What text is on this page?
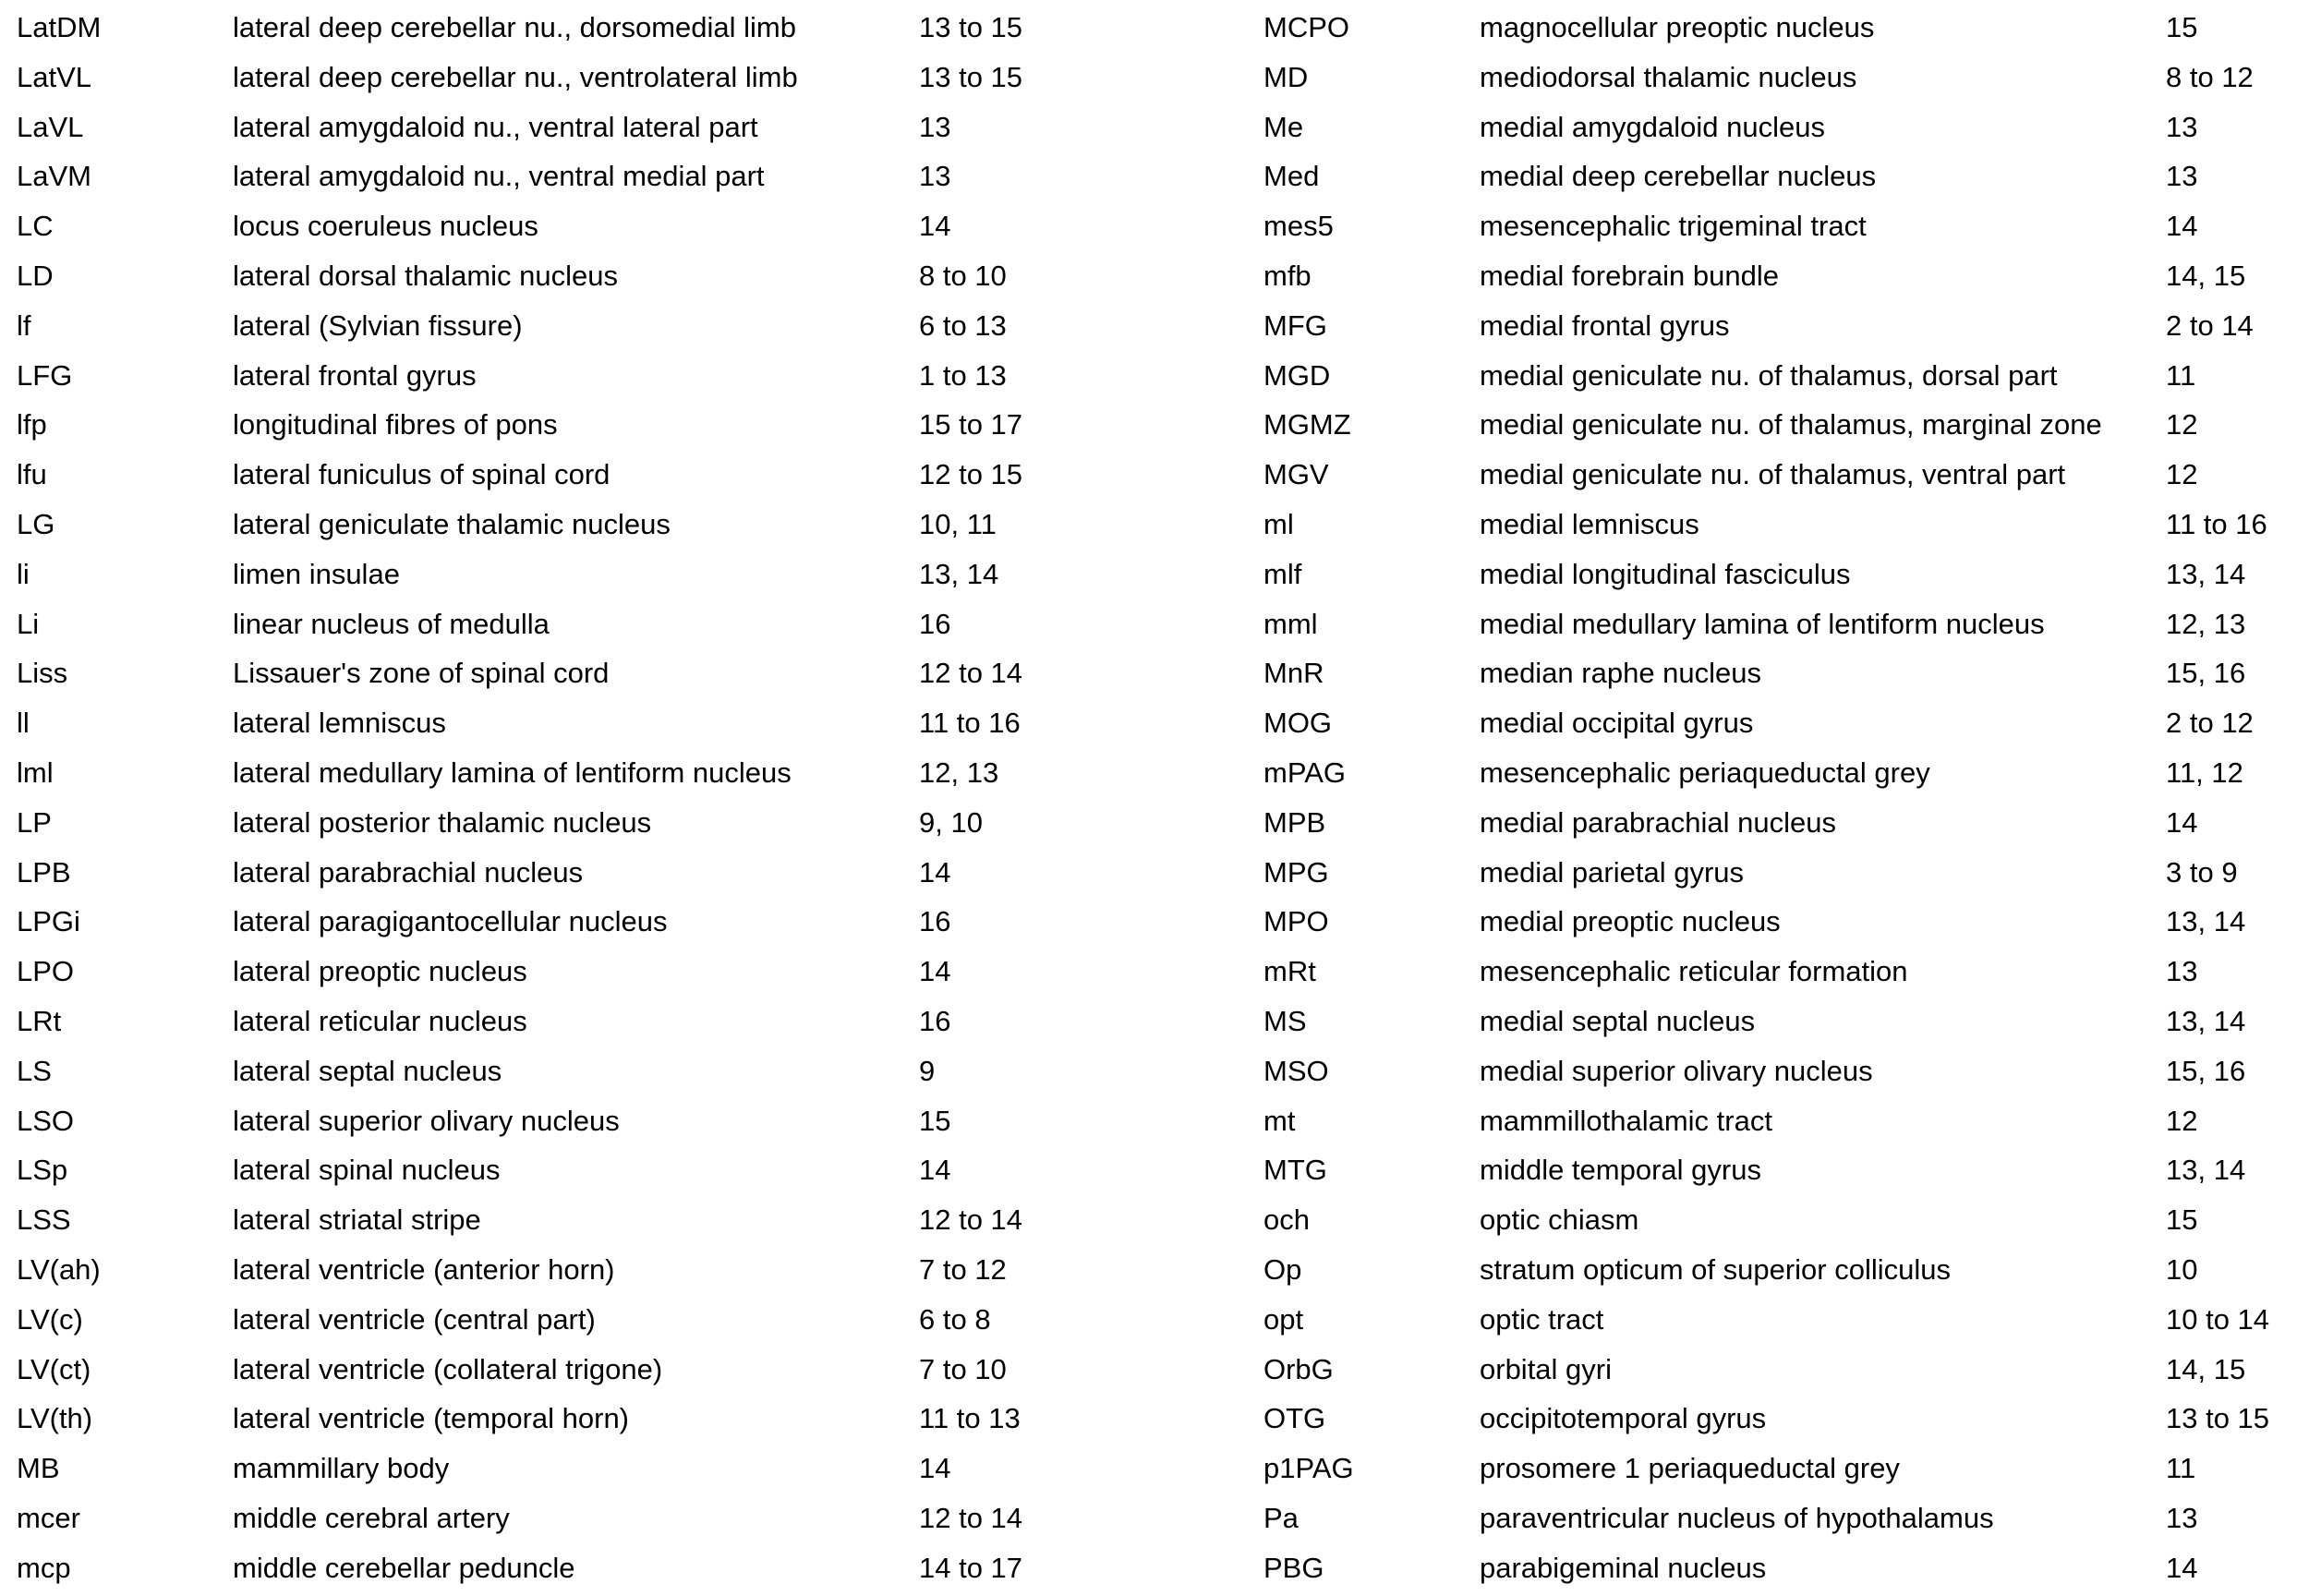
LatDM	lateral deep cerebellar nu., dorsomedial limb	13 to 15
LatVL	lateral deep cerebellar nu., ventrolateral limb	13 to 15
LaVL	lateral amygdaloid nu., ventral lateral part	13
LaVM	lateral amygdaloid nu., ventral medial part	13
LC	locus coeruleus nucleus	14
LD	lateral dorsal thalamic nucleus	8 to 10
lf	lateral (Sylvian fissure)	6 to 13
LFG	lateral frontal gyrus	1 to 13
lfp	longitudinal fibres of pons	15 to 17
lfu	lateral funiculus of spinal cord	12 to 15
LG	lateral geniculate thalamic nucleus	10, 11
li	limen insulae	13, 14
Li	linear nucleus of medulla	16
Liss	Lissauer's zone of spinal cord	12 to 14
ll	lateral lemniscus	11 to 16
lml	lateral medullary lamina of lentiform nucleus	12, 13
LP	lateral posterior thalamic nucleus	9, 10
LPB	lateral parabrachial nucleus	14
LPGi	lateral paragigantocellular nucleus	16
LPO	lateral preoptic nucleus	14
LRt	lateral reticular nucleus	16
LS	lateral septal nucleus	9
LSO	lateral superior olivary nucleus	15
LSp	lateral spinal nucleus	14
LSS	lateral striatal stripe	12 to 14
LV(ah)	lateral ventricle (anterior horn)	7 to 12
LV(c)	lateral ventricle (central part)	6 to 8
LV(ct)	lateral ventricle (collateral trigone)	7 to 10
LV(th)	lateral ventricle (temporal horn)	11 to 13
MB	mammillary body	14
mcer	middle cerebral artery	12 to 14
mcp	middle cerebellar peduncle	14 to 17
MCPO	magnocellular preoptic nucleus	15
MD	mediodorsal thalamic nucleus	8 to 12
Me	medial amygdaloid nucleus	13
Med	medial deep cerebellar nucleus	13
mes5	mesencephalic trigeminal tract	14
mfb	medial forebrain bundle	14, 15
MFG	medial frontal gyrus	2 to 14
MGD	medial geniculate nu. of thalamus, dorsal part	11
MGMZ	medial geniculate nu. of thalamus, marginal zone 12
MGV	medial geniculate nu. of thalamus, ventral part	12
ml	medial lemniscus	11 to 16
mlf	medial longitudinal fasciculus	13, 14
mml	medial medullary lamina of lentiform nucleus	12, 13
MnR	median raphe nucleus	15, 16
MOG	medial occipital gyrus	2 to 12
mPAG	mesencephalic periaqueductal grey	11, 12
MPB	medial parabrachial nucleus	14
MPG	medial parietal gyrus	3 to 9
MPO	medial preoptic nucleus	13, 14
mRt	mesencephalic reticular formation	13
MS	medial septal nucleus	13, 14
MSO	medial superior olivary nucleus	15, 16
mt	mammillothalamic tract	12
MTG	middle temporal gyrus	13, 14
och	optic chiasm	15
Op	stratum opticum of superior colliculus	10
opt	optic tract	10 to 14
OrbG	orbital gyri	14, 15
OTG	occipitotemporal gyrus	13 to 15
p1PAG	prosomere 1 periaqueductal grey	11
Pa	paraventricular nucleus of hypothalamus	13
PBG	parabigeminal nucleus	14
